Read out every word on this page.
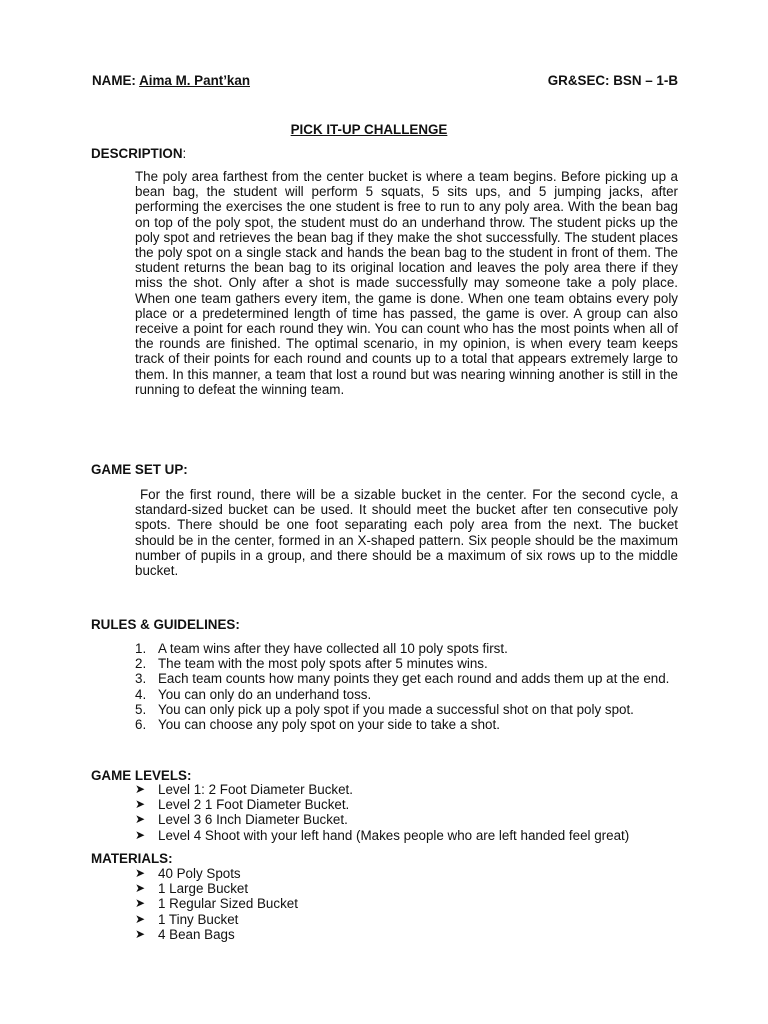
NAME: Aima M. Pant’kan	GR&SEC: BSN – 1-B
PICK IT-UP CHALLENGE
DESCRIPTION:

The poly area farthest from the center bucket is where a team begins. Before picking up a bean bag, the student will perform 5 squats, 5 sits ups, and 5 jumping jacks, after performing the exercises the one student is free to run to any poly area. With the bean bag on top of the poly spot, the student must do an underhand throw. The student picks up the poly spot and retrieves the bean bag if they make the shot successfully. The student places the poly spot on a single stack and hands the bean bag to the student in front of them. The student returns the bean bag to its original location and leaves the poly area there if they miss the shot. Only after a shot is made successfully may someone take a poly place. When one team gathers every item, the game is done. When one team obtains every poly place or a predetermined length of time has passed, the game is over. A group can also receive a point for each round they win. You can count who has the most points when all of the rounds are finished. The optimal scenario, in my opinion, is when every team keeps track of their points for each round and counts up to a total that appears extremely large to them. In this manner, a team that lost a round but was nearing winning another is still in the running to defeat the winning team.

GAME SET UP:

For the first round, there will be a sizable bucket in the center. For the second cycle, a standard-sized bucket can be used. It should meet the bucket after ten consecutive poly spots. There should be one foot separating each poly area from the next. The bucket should be in the center, formed in an X-shaped pattern. Six people should be the maximum number of pupils in a group, and there should be a maximum of six rows up to the middle bucket.

RULES & GUIDELINES:
1. A team wins after they have collected all 10 poly spots first.
2. The team with the most poly spots after 5 minutes wins.
3. Each team counts how many points they get each round and adds them up at the end.
4. You can only do an underhand toss.
5. You can only pick up a poly spot if you made a successful shot on that poly spot.
6. You can choose any poly spot on your side to take a shot.
GAME LEVELS:
➤ Level 1: 2 Foot Diameter Bucket.
➤ Level 2 1 Foot Diameter Bucket.
➤ Level 3 6 Inch Diameter Bucket.
➤ Level 4 Shoot with your left hand (Makes people who are left handed feel great)
MATERIALS:
➤ 40 Poly Spots
➤ 1 Large Bucket
➤ 1 Regular Sized Bucket
➤ 1 Tiny Bucket
➤ 4 Bean Bags
